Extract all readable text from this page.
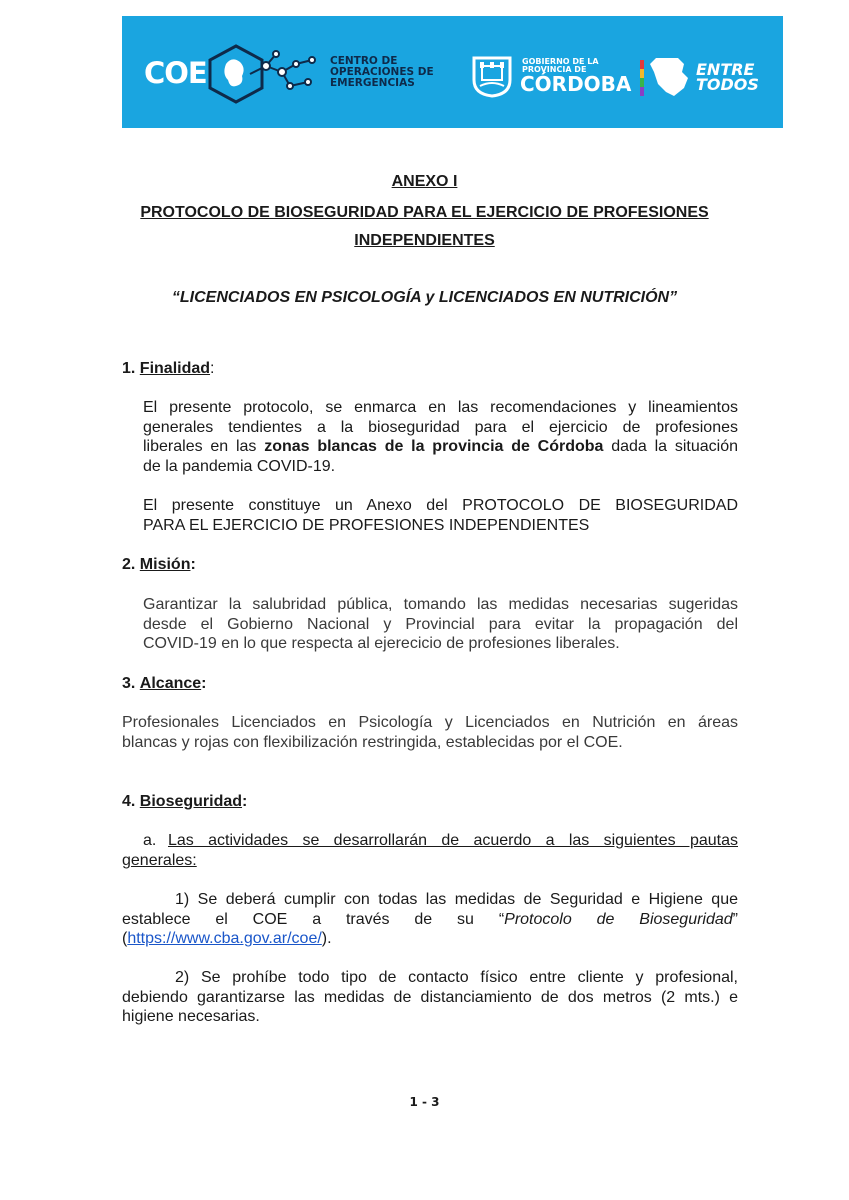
COE	CENTRO DE
OPERACIONES DE
EMERGENCIAS
GOBIERNO DE LA
PROVINCIA DE
CÓRDOBA
ENTRE
TODOS
ANEXO I
PROTOCOLO DE BIOSEGURIDAD PARA EL EJERCICIO DE PROFESIONES
INDEPENDIENTES
“LICENCIADOS EN PSICOLOGÍA y LICENCIADOS EN NUTRICIÓN”
1. Finalidad:
El presente protocolo, se enmarca en las recomendaciones y lineamientos
generales tendientes a la bioseguridad para el ejercicio de profesiones
liberales en las zonas blancas de la provincia de Córdoba dada la situación
de la pandemia COVID-19.
El presente constituye un Anexo del PROTOCOLO DE BIOSEGURIDAD
PARA EL EJERCICIO DE PROFESIONES INDEPENDIENTES
2. Misión:
Garantizar la salubridad pública, tomando las medidas necesarias sugeridas
desde el Gobierno Nacional y Provincial para evitar la propagación del
COVID-19 en lo que respecta al ejerecicio de profesiones liberales.
3. Alcance:
Profesionales Licenciados en Psicología y Licenciados en Nutrición en áreas
blancas y rojas con flexibilización restringida, establecidas por el COE.
4. Bioseguridad:
a. Las actividades se desarrollarán de acuerdo a las siguientes pautas
generales:
1) Se deberá cumplir con todas las medidas de Seguridad e Higiene que
establece el COE a través de su “Protocolo de Bioseguridad”
(https://www.cba.gov.ar/coe/).
2) Se prohíbe todo tipo de contacto físico entre cliente y profesional,
debiendo garantizarse las medidas de distanciamiento de dos metros (2 mts.) e
higiene necesarias.
1 - 3
